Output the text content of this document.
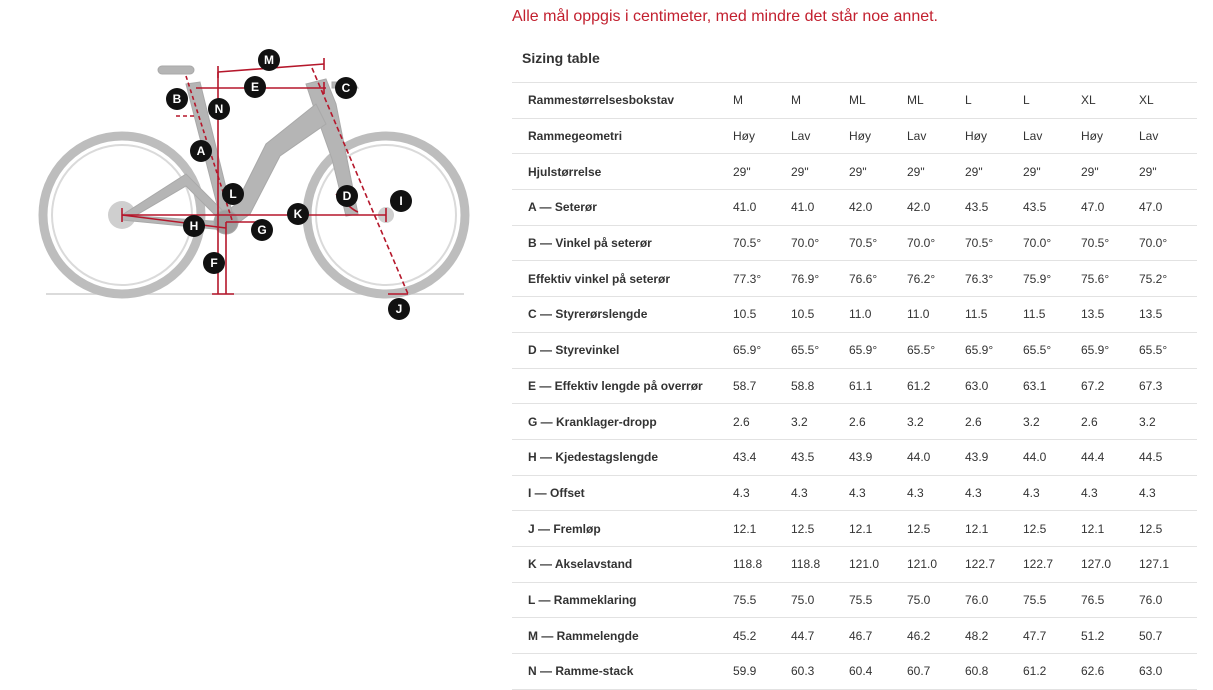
M
E	C
B
N
A
L	D	I
H	G
K
F
J
Alle mål oppgis i centimeter, med mindre det står noe annet.
Sizing table
Rammestørrelsesbokstav	M	M	ML	ML	L	L	XL	XL
Rammegeometri	Høy	Lav	Høy	Lav	Høy	Lav	Høy	Lav
Hjulstørrelse	29"	29"	29"	29"	29"	29"	29"	29"
A — Seterør	41.0	41.0	42.0	42.0	43.5	43.5	47.0	47.0
B — Vinkel på seterør	70.5°	70.0°	70.5°	70.0°	70.5°	70.0°	70.5°	70.0°
Effektiv vinkel på seterør	77.3°	76.9°	76.6°	76.2°	76.3°	75.9°	75.6°	75.2°
C — Styrerørslengde	10.5	10.5	11.0	11.0	11.5	11.5	13.5	13.5
D — Styrevinkel	65.9°	65.5°	65.9°	65.5°	65.9°	65.5°	65.9°	65.5°
E — Effektiv lengde på overrør	58.7	58.8	61.1	61.2	63.0	63.1	67.2	67.3
G — Kranklager-dropp	2.6	3.2	2.6	3.2	2.6	3.2	2.6	3.2
H — Kjedestagslengde	43.4	43.5	43.9	44.0	43.9	44.0	44.4	44.5
I — Offset	4.3	4.3	4.3	4.3	4.3	4.3	4.3	4.3
J — Fremløp	12.1	12.5	12.1	12.5	12.1	12.5	12.1	12.5
K — Akselavstand	118.8	118.8	121.0	121.0	122.7	122.7	127.0	127.1
L — Rammeklaring	75.5	75.0	75.5	75.0	76.0	75.5	76.5	76.0
M — Rammelengde	45.2	44.7	46.7	46.2	48.2	47.7	51.2	50.7
N — Ramme-stack	59.9	60.3	60.4	60.7	60.8	61.2	62.6	63.0
